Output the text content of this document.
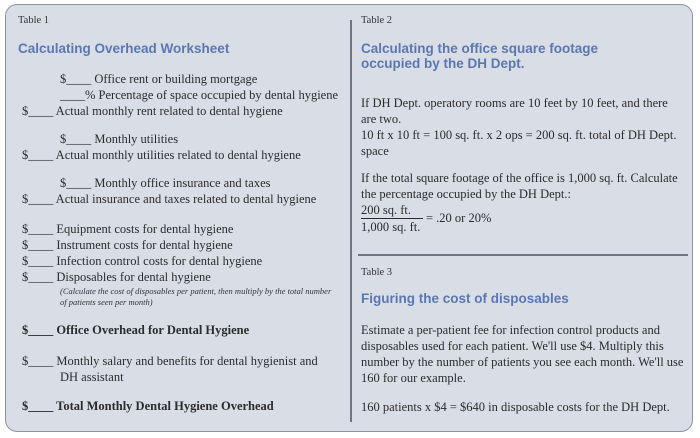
Table 1
Calculating Overhead Worksheet
$____ Office rent or building mortgage
____% Percentage of space occupied by dental hygiene
$____ Actual monthly rent related to dental hygiene
$____ Monthly utilities
$____ Actual monthly utilities related to dental hygiene
$____ Monthly office insurance and taxes
$____ Actual insurance and taxes related to dental hygiene
$____ Equipment costs for dental hygiene
$____ Instrument costs for dental hygiene
$____ Infection control costs for dental hygiene
$____ Disposables for dental hygiene
(Calculate the cost of disposables per patient, then multiply by the total number
of patients seen per month)
$____ Office Overhead for Dental Hygiene
$____ Monthly salary and benefits for dental hygienist and
DH assistant
$____ Total Monthly Dental Hygiene Overhead
Table 2
Calculating the office square footage
occupied by the DH Dept.
If DH Dept. operatory rooms are 10 feet by 10 feet, and there are two.
10 ft x 10 ft = 100 sq. ft. x 2 ops = 200 sq. ft. total of DH Dept. space
If the total square footage of the office is 1,000 sq. ft. Calculate the percentage occupied by the DH Dept.:
200 sq. ft.
= .20 or 20%
1,000 sq. ft.
Table 3
Figuring the cost of disposables
Estimate a per-patient fee for infection control products and disposables used for each patient. We'll use $4. Multiply this number by the number of patients you see each month. We'll use 160 for our example.
160 patients x $4 = $640 in disposable costs for the DH Dept.
